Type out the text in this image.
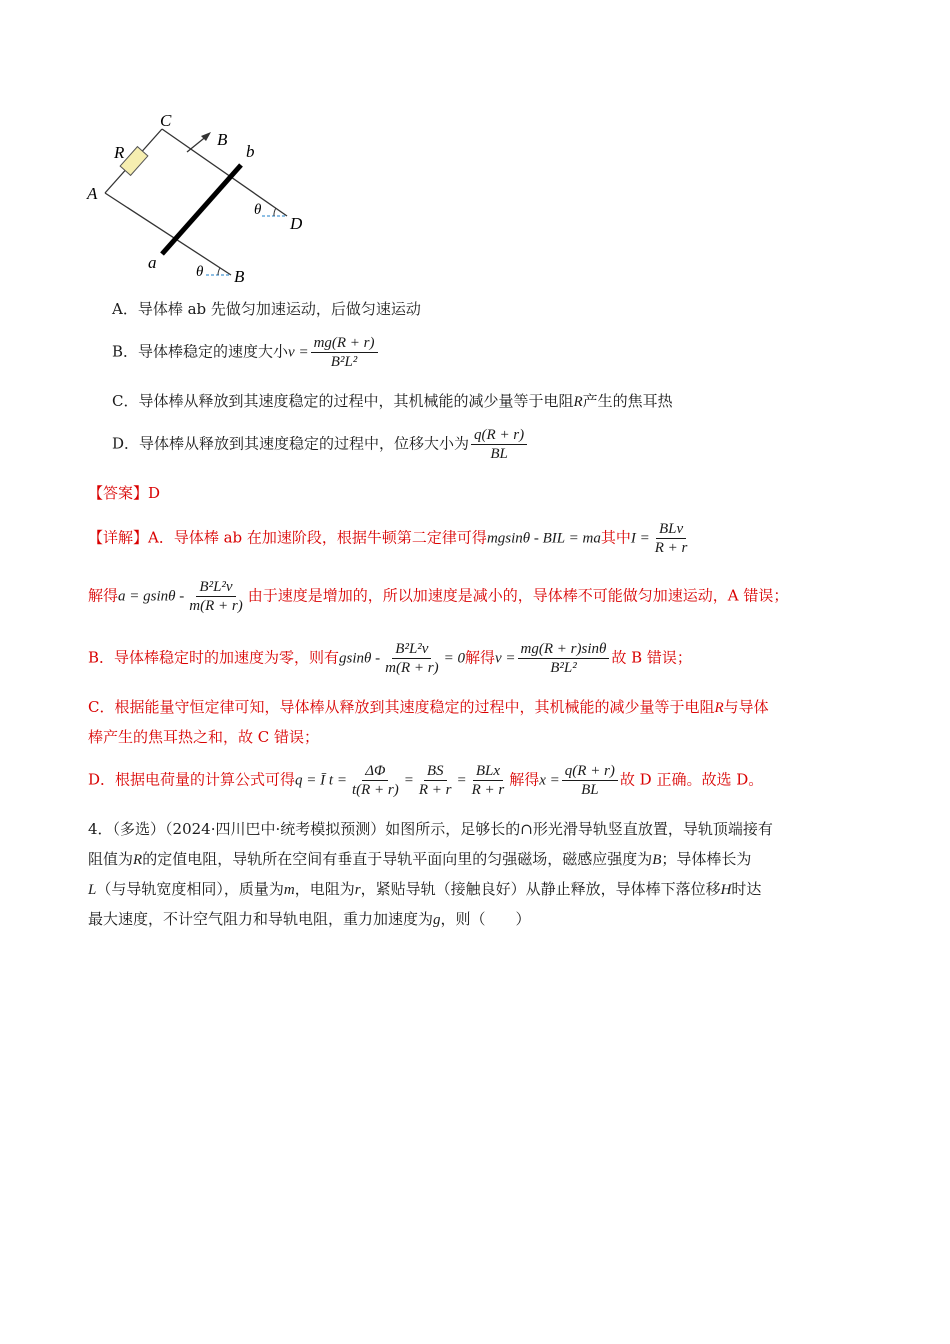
C
B
R	b
A
θ
D
a	θ B
A．导体棒 ab 先做匀加速运动，后做匀速运动
B．导体棒稳定的速度大小$v = \frac{mg(R + r)}{\text{B²L²}}$
C．导体棒从释放到其速度稳定的过程中，其机械能的减少量等于电阻R产生的焦耳热
D．导体棒从释放到其速度稳定的过程中，位移大小为 $\frac{q(R + r)}{BL}$
【答案】D
【详解】A．导体棒 ab 在加速阶段，根据牛顿第二定律可得mgsinθ - BIL = ma其中$I = \frac{\text{BLv}}{R + r}$
解得$a = gsin\theta - \frac{\text{B²L²v}}{m(R + r)}$ 由于速度是增加的，所以加速度是减小的，导体棒不可能做匀加速运动，A 错误；
B．导体棒稳定时的加速度为零，则有$gsin\theta - \frac{\text{B²L²v}}{m(R + r)} = 0$解得$v = \frac{mg(R + r)\sin\theta}{\text{B²L²}}$ 故 B 错误；
C．根据能量守恒定律可知，导体棒从释放到其速度稳定的过程中，其机械能的减少量等于电阻R与导体
棒产生的焦耳热之和，故 C 错误；
D．根据电荷量的计算公式可得q = Ī $t = \frac{\Delta\Phi}{t(R + r)} = \frac{BS}{R + r} = \frac{\text{BLx}}{R + r}$ 解得$x = \frac{q(R + r)}{BL}$ 故 D 正确。故选 D。
4．（多选）（2024·四川巴中·统考模拟预测）如图所示，足够长的∩形光滑导轨竖直放置，导轨顶端接有
阻值为R的定值电阻，导轨所在空间有垂直于导轨平面向里的匀强磁场，磁感应强度为B；导体棒长为
L（与导轨宽度相同），质量为m，电阻为r，紧贴导轨（接触良好）从静止释放，导体棒下落位移H时达
最大速度，不计空气阻力和导轨电阻，重力加速度为g，则（　　）
